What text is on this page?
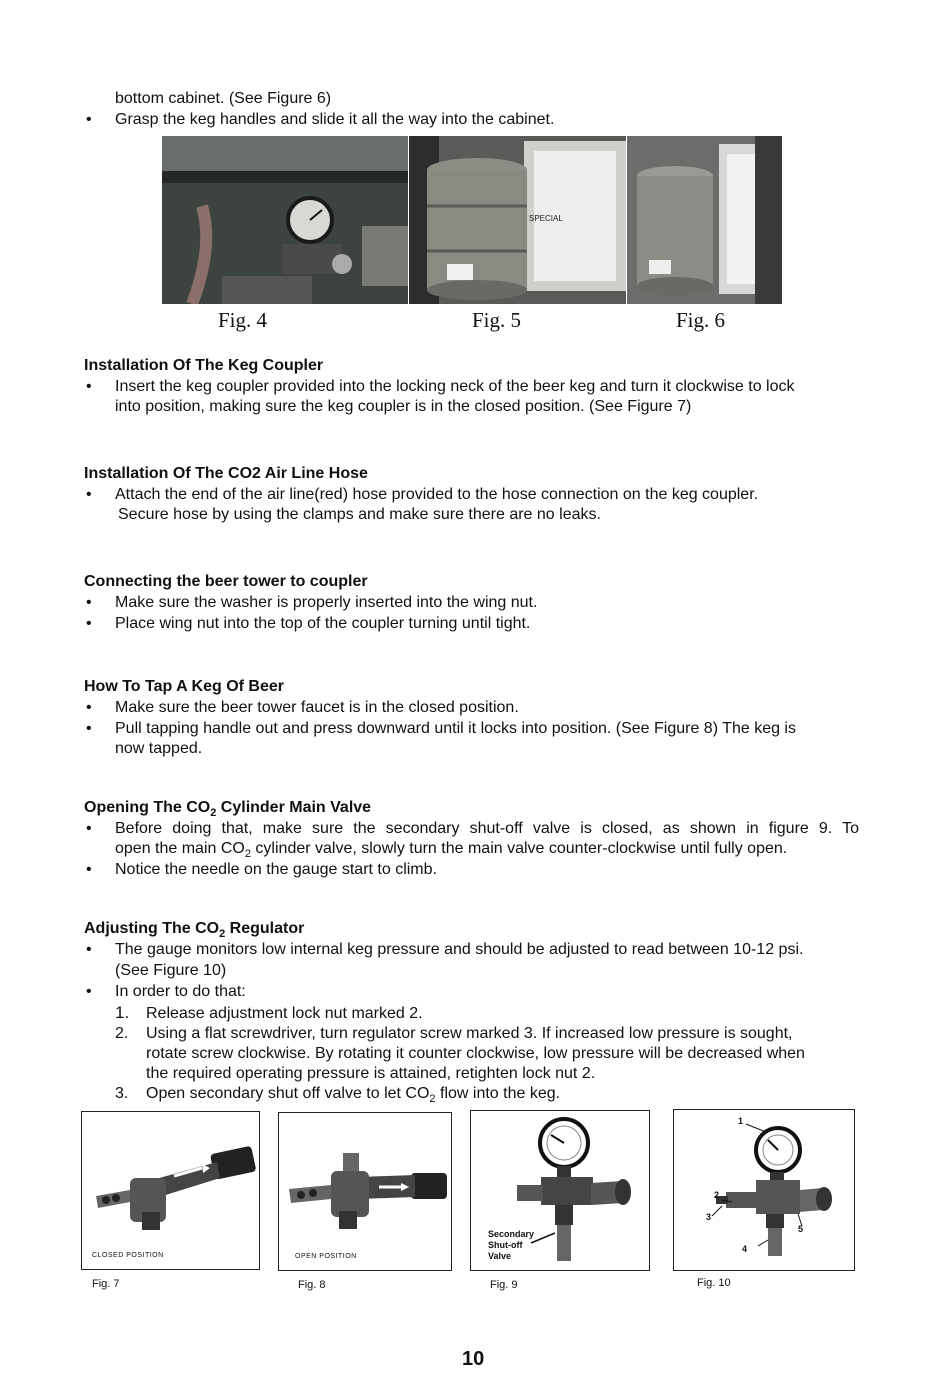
bottom cabinet. (See Figure 6)
• Grasp the keg handles and slide it all the way into the cabinet.
SPECIAL
Fig. 4	Fig. 5	Fig. 6
Installation Of The Keg Coupler
• Insert the keg coupler provided into the locking neck of the beer keg and turn it clockwise to lock
into position, making sure the keg coupler is in the closed position. (See Figure 7)
Installation Of The CO2 Air Line Hose
• Attach the end of the air line(red) hose provided to the hose connection on the keg coupler.
Secure hose by using the clamps and make sure there are no leaks.
Connecting the beer tower to coupler
• Make sure the washer is properly inserted into the wing nut.
• Place wing nut into the top of the coupler turning until tight.
How To Tap A Keg Of Beer
• Make sure the beer tower faucet is in the closed position.
• Pull tapping handle out and press downward until it locks into position. (See Figure 8) The keg is
now tapped.
Opening The $CO_2$ Cylinder Main Valve
• Before doing that, make sure the secondary shut-off valve is closed, as shown in figure 9. To
open the main $CO_2$ cylinder valve, slowly turn the main valve counter-clockwise until fully open.
• Notice the needle on the gauge start to climb.
Adjusting The $CO_2$ Regulator
• The gauge monitors low internal keg pressure and should be adjusted to read between 10-12 psi.
(See Figure 10)
• In order to do that:
1. Release adjustment lock nut marked 2.
2. Using a flat screwdriver, turn regulator screw marked 3. If increased low pressure is sought,
rotate screw clockwise. By rotating it counter clockwise, low pressure will be decreased when
the required operating pressure is attained, retighten lock nut 2.
3. Open secondary shut off valve to let $CO_2$ flow into the keg.
CLOSED POSITION
Fig. 7
OPEN POSITION
Fig. 8
Secondary
Shut-off
Valve
Fig. 9
1
2
3
4
5
Fig. 10
10
